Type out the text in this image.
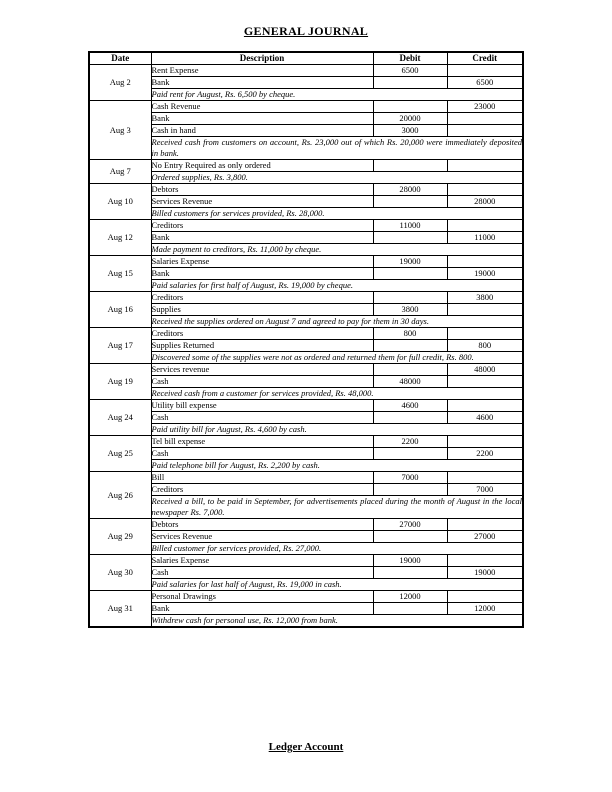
GENERAL JOURNAL
Date	Description	Debit	Credit
Aug 2	Rent Expense	6500	
	Bank		6500
	Paid rent for August, Rs. 6,500 by cheque.		
Aug 3	Cash Revenue		23000
	Bank	20000	
	Cash in hand	3000	
	Received cash from customers on account, Rs. 23,000 out of which Rs. 20,000 were immediately deposited in bank.		
Aug 7	No Entry Required as only ordered		
	Ordered supplies, Rs. 3,800.		
Aug 10	Debtors	28000	
	Services Revenue		28000
	Billed customers for services provided, Rs. 28,000.		
Aug 12	Creditors	11000	
	Bank		11000
	Made payment to creditors, Rs. 11,000 by cheque.		
Aug 15	Salaries Expense	19000	
	Bank		19000
	Paid salaries for first half of August, Rs. 19,000 by cheque.		
Aug 16	Creditors		3800
	Supplies	3800	
	Received the supplies ordered on August 7 and agreed to pay for them in 30 days.		
Aug 17	Creditors	800	
	Supplies Returned		800
	Discovered some of the supplies were not as ordered and returned them for full credit, Rs. 800.		
Aug 19	Services revenue		48000
	Cash	48000	
	Received cash from a customer for services provided, Rs. 48,000.		
Aug 24	Utility bill expense	4600	
	Cash		4600
	Paid utility bill for August, Rs. 4,600 by cash.		
Aug 25	Tel bill expense	2200	
	Cash		2200
	Paid telephone bill for August, Rs. 2,200 by cash.		
Aug 26	Bill	7000	
	Creditors		7000
	Received a bill, to be paid in September, for advertisements placed during the month of August in the local newspaper Rs. 7,000.		
Aug 29	Debtors	27000	
	Services Revenue		27000
	Billed customer for services provided, Rs. 27,000.		
Aug 30	Salaries Expense	19000	
	Cash		19000
	Paid salaries for last half of August, Rs. 19,000 in cash.		
Aug 31	Personal Drawings	12000	
	Bank		12000
	Withdrew cash for personal use, Rs. 12,000 from bank.		
Ledger Account
